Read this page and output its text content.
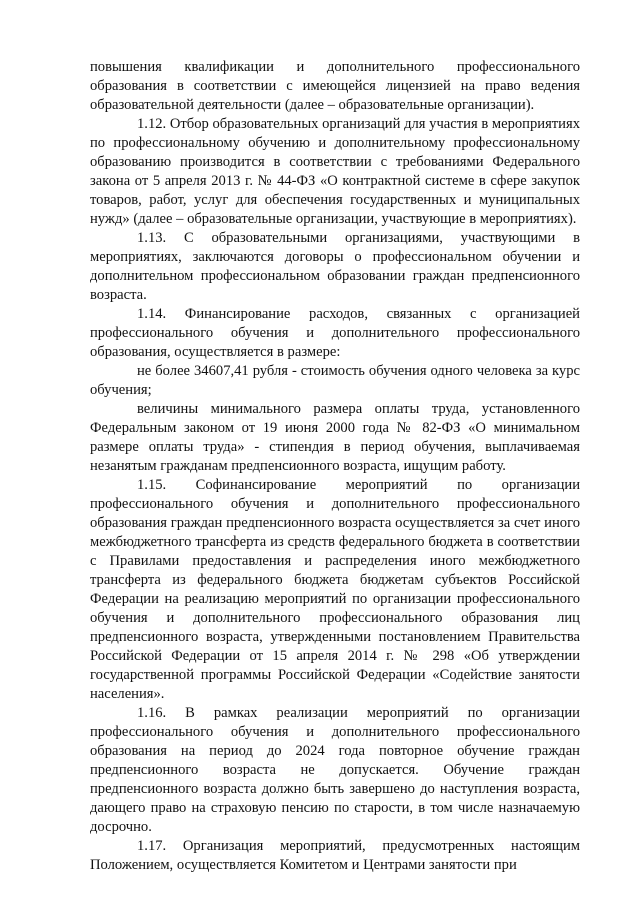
повышения квалификации и дополнительного профессионального образования в соответствии с имеющейся лицензией на право ведения образовательной деятельности (далее – образовательные организации).

1.12. Отбор образовательных организаций для участия в мероприятиях по профессиональному обучению и дополнительному профессиональному образованию производится в соответствии с требованиями Федерального закона от 5 апреля 2013 г. № 44-ФЗ «О контрактной системе в сфере закупок товаров, работ, услуг для обеспечения государственных и муниципальных нужд» (далее – образовательные организации, участвующие в мероприятиях).

1.13. С образовательными организациями, участвующими в мероприятиях, заключаются договоры о профессиональном обучении и дополнительном профессиональном образовании граждан предпенсионного возраста.

1.14. Финансирование расходов, связанных с организацией профессионального обучения и дополнительного профессионального образования, осуществляется в размере:

не более 34607,41 рубля - стоимость обучения одного человека за курс обучения;

величины минимального размера оплаты труда, установленного Федеральным законом от 19 июня 2000 года № 82-ФЗ «О минимальном размере оплаты труда» - стипендия в период обучения, выплачиваемая незанятым гражданам предпенсионного возраста, ищущим работу.

1.15. Софинансирование мероприятий по организации профессионального обучения и дополнительного профессионального образования граждан предпенсионного возраста осуществляется за счет иного межбюджетного трансферта из средств федерального бюджета в соответствии с Правилами предоставления и распределения иного межбюджетного трансферта из федерального бюджета бюджетам субъектов Российской Федерации на реализацию мероприятий по организации профессионального обучения и дополнительного профессионального образования лиц предпенсионного возраста, утвержденными постановлением Правительства Российской Федерации от 15 апреля 2014 г. № 298 «Об утверждении государственной программы Российской Федерации «Содействие занятости населения».

1.16. В рамках реализации мероприятий по организации профессионального обучения и дополнительного профессионального образования на период до 2024 года повторное обучение граждан предпенсионного возраста не допускается. Обучение граждан предпенсионного возраста должно быть завершено до наступления возраста, дающего право на страховую пенсию по старости, в том числе назначаемую досрочно.

1.17. Организация мероприятий, предусмотренных настоящим Положением, осуществляется Комитетом и Центрами занятости при
